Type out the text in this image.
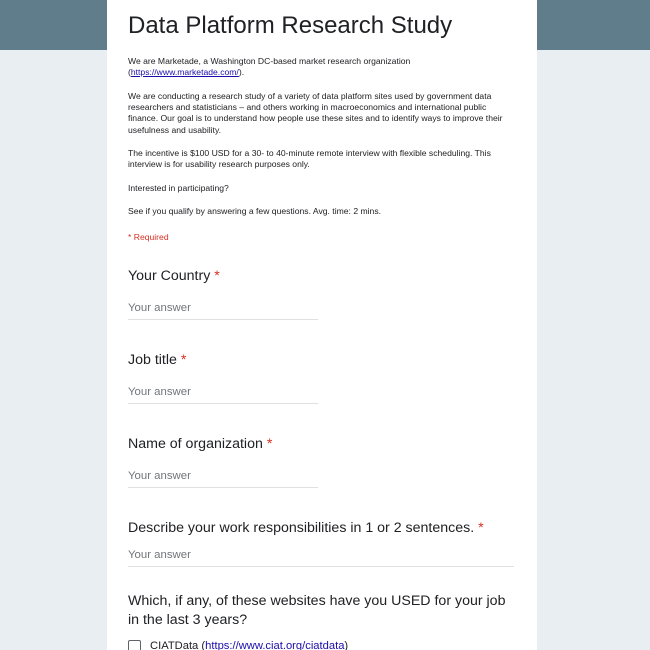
Data Platform Research Study

We are Marketade, a Washington DC-based market research organization (https://www.marketade.com/).

We are conducting a research study of a variety of data platform sites used by government data researchers and statisticians – and others working in macroeconomics and international public finance. Our goal is to understand how people use these sites and to identify ways to improve their usefulness and usability.

The incentive is $100 USD for a 30- to 40-minute remote interview with flexible scheduling. This interview is for usability research purposes only.

Interested in participating?

See if you qualify by answering a few questions. Avg. time: 2 mins.

* Required

Your Country *

Your answer

Job title *

Your answer

Name of organization *

Your answer

Describe your work responsibilities in 1 or 2 sentences. *

Your answer

Which, if any, of these websites have you USED for your job in the last 3 years?

CIATData (https://www.ciat.org/ciatdata)
